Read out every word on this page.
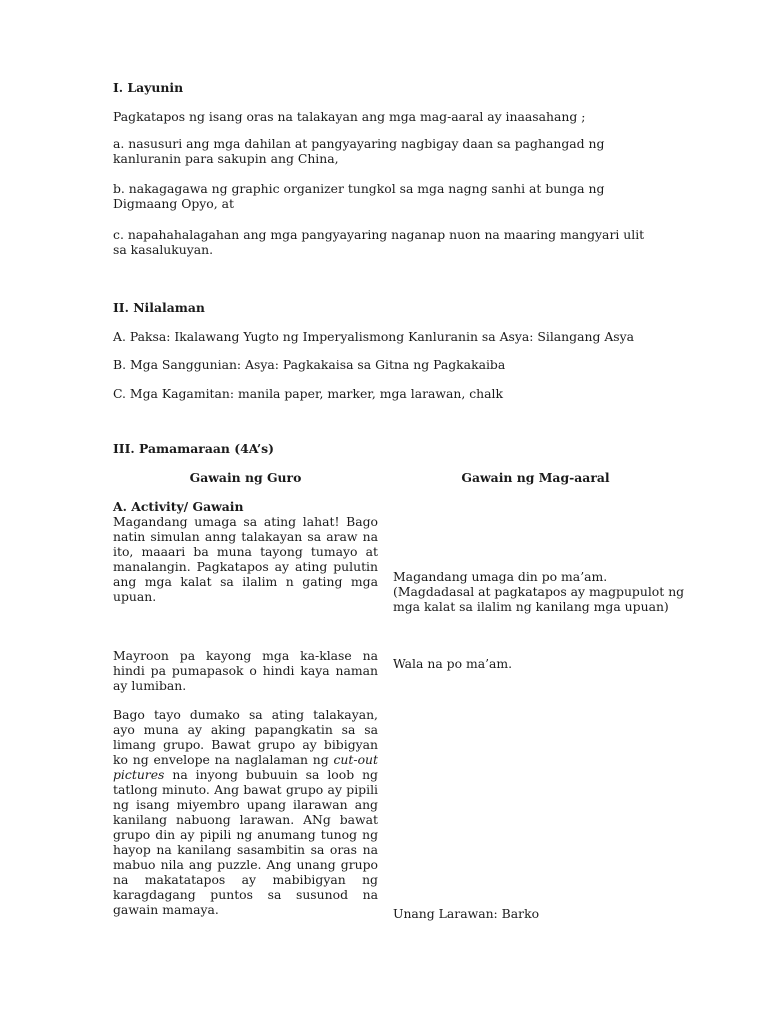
I. Layunin
Pagkatapos ng isang oras na talakayan ang mga mag-aaral ay inaasahang ;
a. nasusuri ang mga dahilan at pangyayaring nagbigay daan sa paghangad ng kanluranin para sakupin ang China,
b. nakagagawa ng graphic organizer tungkol sa mga nagng sanhi at bunga ng Digmaang Opyo, at
c. napahahalagahan ang mga pangyayaring naganap nuon na maaring mangyari ulit sa kasalukuyan.
II. Nilalaman
A. Paksa: Ikalawang Yugto ng Imperyalismong Kanluranin sa Asya: Silangang Asya
B. Mga Sanggunian: Asya: Pagkakaisa sa Gitna ng Pagkakaiba
C. Mga Kagamitan: manila paper, marker, mga larawan, chalk
III. Pamamaraan (4A’s)
Gawain ng Guro	Gawain ng Mag-aaral
A. Activity/ Gawain
Magandang umaga sa ating lahat! Bago natin simulan anng talakayan sa araw na ito, maaari ba muna tayong tumayo at manalangin. Pagkatapos ay ating pulutin ang mga kalat sa ilalim n gating mga upuan.
Magandang umaga din po ma’am.
(Magdadasal at pagkatapos ay magpupulot ng mga kalat sa ilalim ng kanilang mga upuan)
Mayroon pa kayong mga ka-klase na hindi pa pumapasok o hindi kaya naman ay lumiban.
Wala na po ma’am.
Bago tayo dumako sa ating talakayan, ayo muna ay aking papangkatin sa sa limang grupo. Bawat grupo ay bibigyan ko ng envelope na naglalaman ng cut-out pictures na inyong bubuuin sa loob ng tatlong minuto. Ang bawat grupo ay pipili ng isang miyembro upang ilarawan ang kanilang nabuong larawan. ANg bawat grupo din ay pipili ng anumang tunog ng hayop na kanilang sasambitin sa oras na mabuo nila ang puzzle. Ang unang grupo na makatatapos ay mabibigyan ng karagdagang puntos sa susunod na gawain mamaya.	Unang Larawan: Barko
